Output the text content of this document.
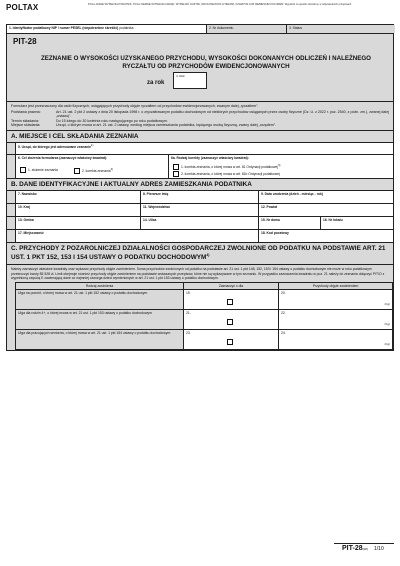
POLTAX	POLA JASNE WYPEŁNIA PODATNIK, POLA CIEMNE WYPEŁNIA URZĄD. WYPEŁNIĆ DUŻYMI, DRUKOWANYMI LITERAMI, CZARNYM LUB NIEBIESKIM KOLOREM. Wypełnić w sposób określony w odpowiednich przepisach.
1. Identyfikator podatkowy NIP / numer PESEL (niepotrzebne skreślić) podatnika	2. Nr dokumentu	3. Status
PIT-28
ZEZNANIE O WYSOKOŚCI UZYSKANEGO PRZYCHODU, WYSOKOŚCI DOKONANYCH ODLICZEŃ I NALEŻNEGO RYCZAŁTU OD PRZYCHODÓW EWIDENCJONOWANYCH
za rok
4. Rok
Formularz jest przeznaczony dla osób fizycznych, osiągających przychody objęte ryczałtem od przychodów ewidencjonowanych, zwanym dalej „ryczałtem”.
Podstawa prawna:	Art. 21 ust. 2 pkt 2 ustawy z dnia 20 listopada 1998 r. o zryczałtowanym podatku dochodowym od niektórych przychodów osiąganych przez osoby fizyczne (Dz. U. z 2022 r. poz. 2540, z późn. zm.), zwanej dalej „ustawą”.
Termin składania:	Do 15 lutego do 30 kwietnia roku następującego po roku podatkowym.
Miejsce składania:	Urząd, o którym mowa w art. 21 ust. 2 ustawy, według miejsca zamieszkania podatnika, będącego osobą fizyczną, zwany dalej „urzędem”.
A. MIEJSCE I CEL SKŁADANIA ZEZNANIA
5. Urząd, do którego jest adresowane zeznanie$^{1)}$
6. Cel złożenia formularza (zaznaczyć właściwy kwadrat):
1. złożenie zeznania	2. korekta zeznania$^{2)}$
6a. Rodzaj korekty (zaznaczyć właściwy kwadrat):
1. korekta zeznania, o której mowa w art. 81 Ordynacji podatkowej$^{3)}$
2. korekta zeznania, o której mowa w art. 81b Ordynacji podatkowej
B. DANE IDENTYFIKACYJNE I AKTUALNY ADRES ZAMIESZKANIA PODATNIKA
7. Nazwisko	8. Pierwsze imię	9. Data urodzenia (dzień - miesiąc - rok)
10. Kraj	11. Województwo	12. Powiat
13. Gmina	14. Ulica	15. Nr domu	16. Nr lokalu
17. Miejscowość	18. Kod pocztowy
C. PRZYCHODY Z POZAROLNICZEJ DZIAŁALNOŚCI GOSPODARCZEJ ZWOLNIONE OD PODATKU NA PODSTAWIE ART. 21 UST. 1 PKT 152, 153 I 154 USTAWY O PODATKU DOCHODOWYM$^{4)}$
Należy zaznaczyć właściwe kwadraty oraz wykazać przychody objęte zwolnieniem. Suma przychodów zwolnionych od podatku na podstawie art. 21 ust. 1 pkt 148, 152, 153 i 154 ustawy o podatku dochodowym nie może w roku podatkowym przekroczyć kwoty 85 528 zł. Limit obejmuje również przychody objęte zwolnieniem na podstawie wskazanych przepisów, które nie są wykazywane w tym zeznaniu. W przypadku zaznaczenia kwadratu w poz. 21 należy do zeznania dołączyć PIT/O z wypełnioną częścią E zawierającą dane co najmniej czworga dzieci wymienionych w art. 21 ust. 1 pkt 153 ustawy o podatku dochodowym.
Rodzaj zwolnienia	Zaznaczyć x dla	Przychody objęte zwolnieniem
Ulga na powrót, o której mowa w art. 21 ust. 1 pkt 152 ustawy o podatku dochodowym	19.	20.
zł gr

Ulga dla rodzin 4+, o której mowa w art. 21 ust. 1 pkt 153 ustawy o podatku dochodowym	21.	22.
zł gr

Ulga dla pracujących seniorów, o której mowa w art. 21 ust. 1 pkt 154 ustawy o podatku dochodowym	23.	24.
zł gr
PIT-28(28) 1/10
